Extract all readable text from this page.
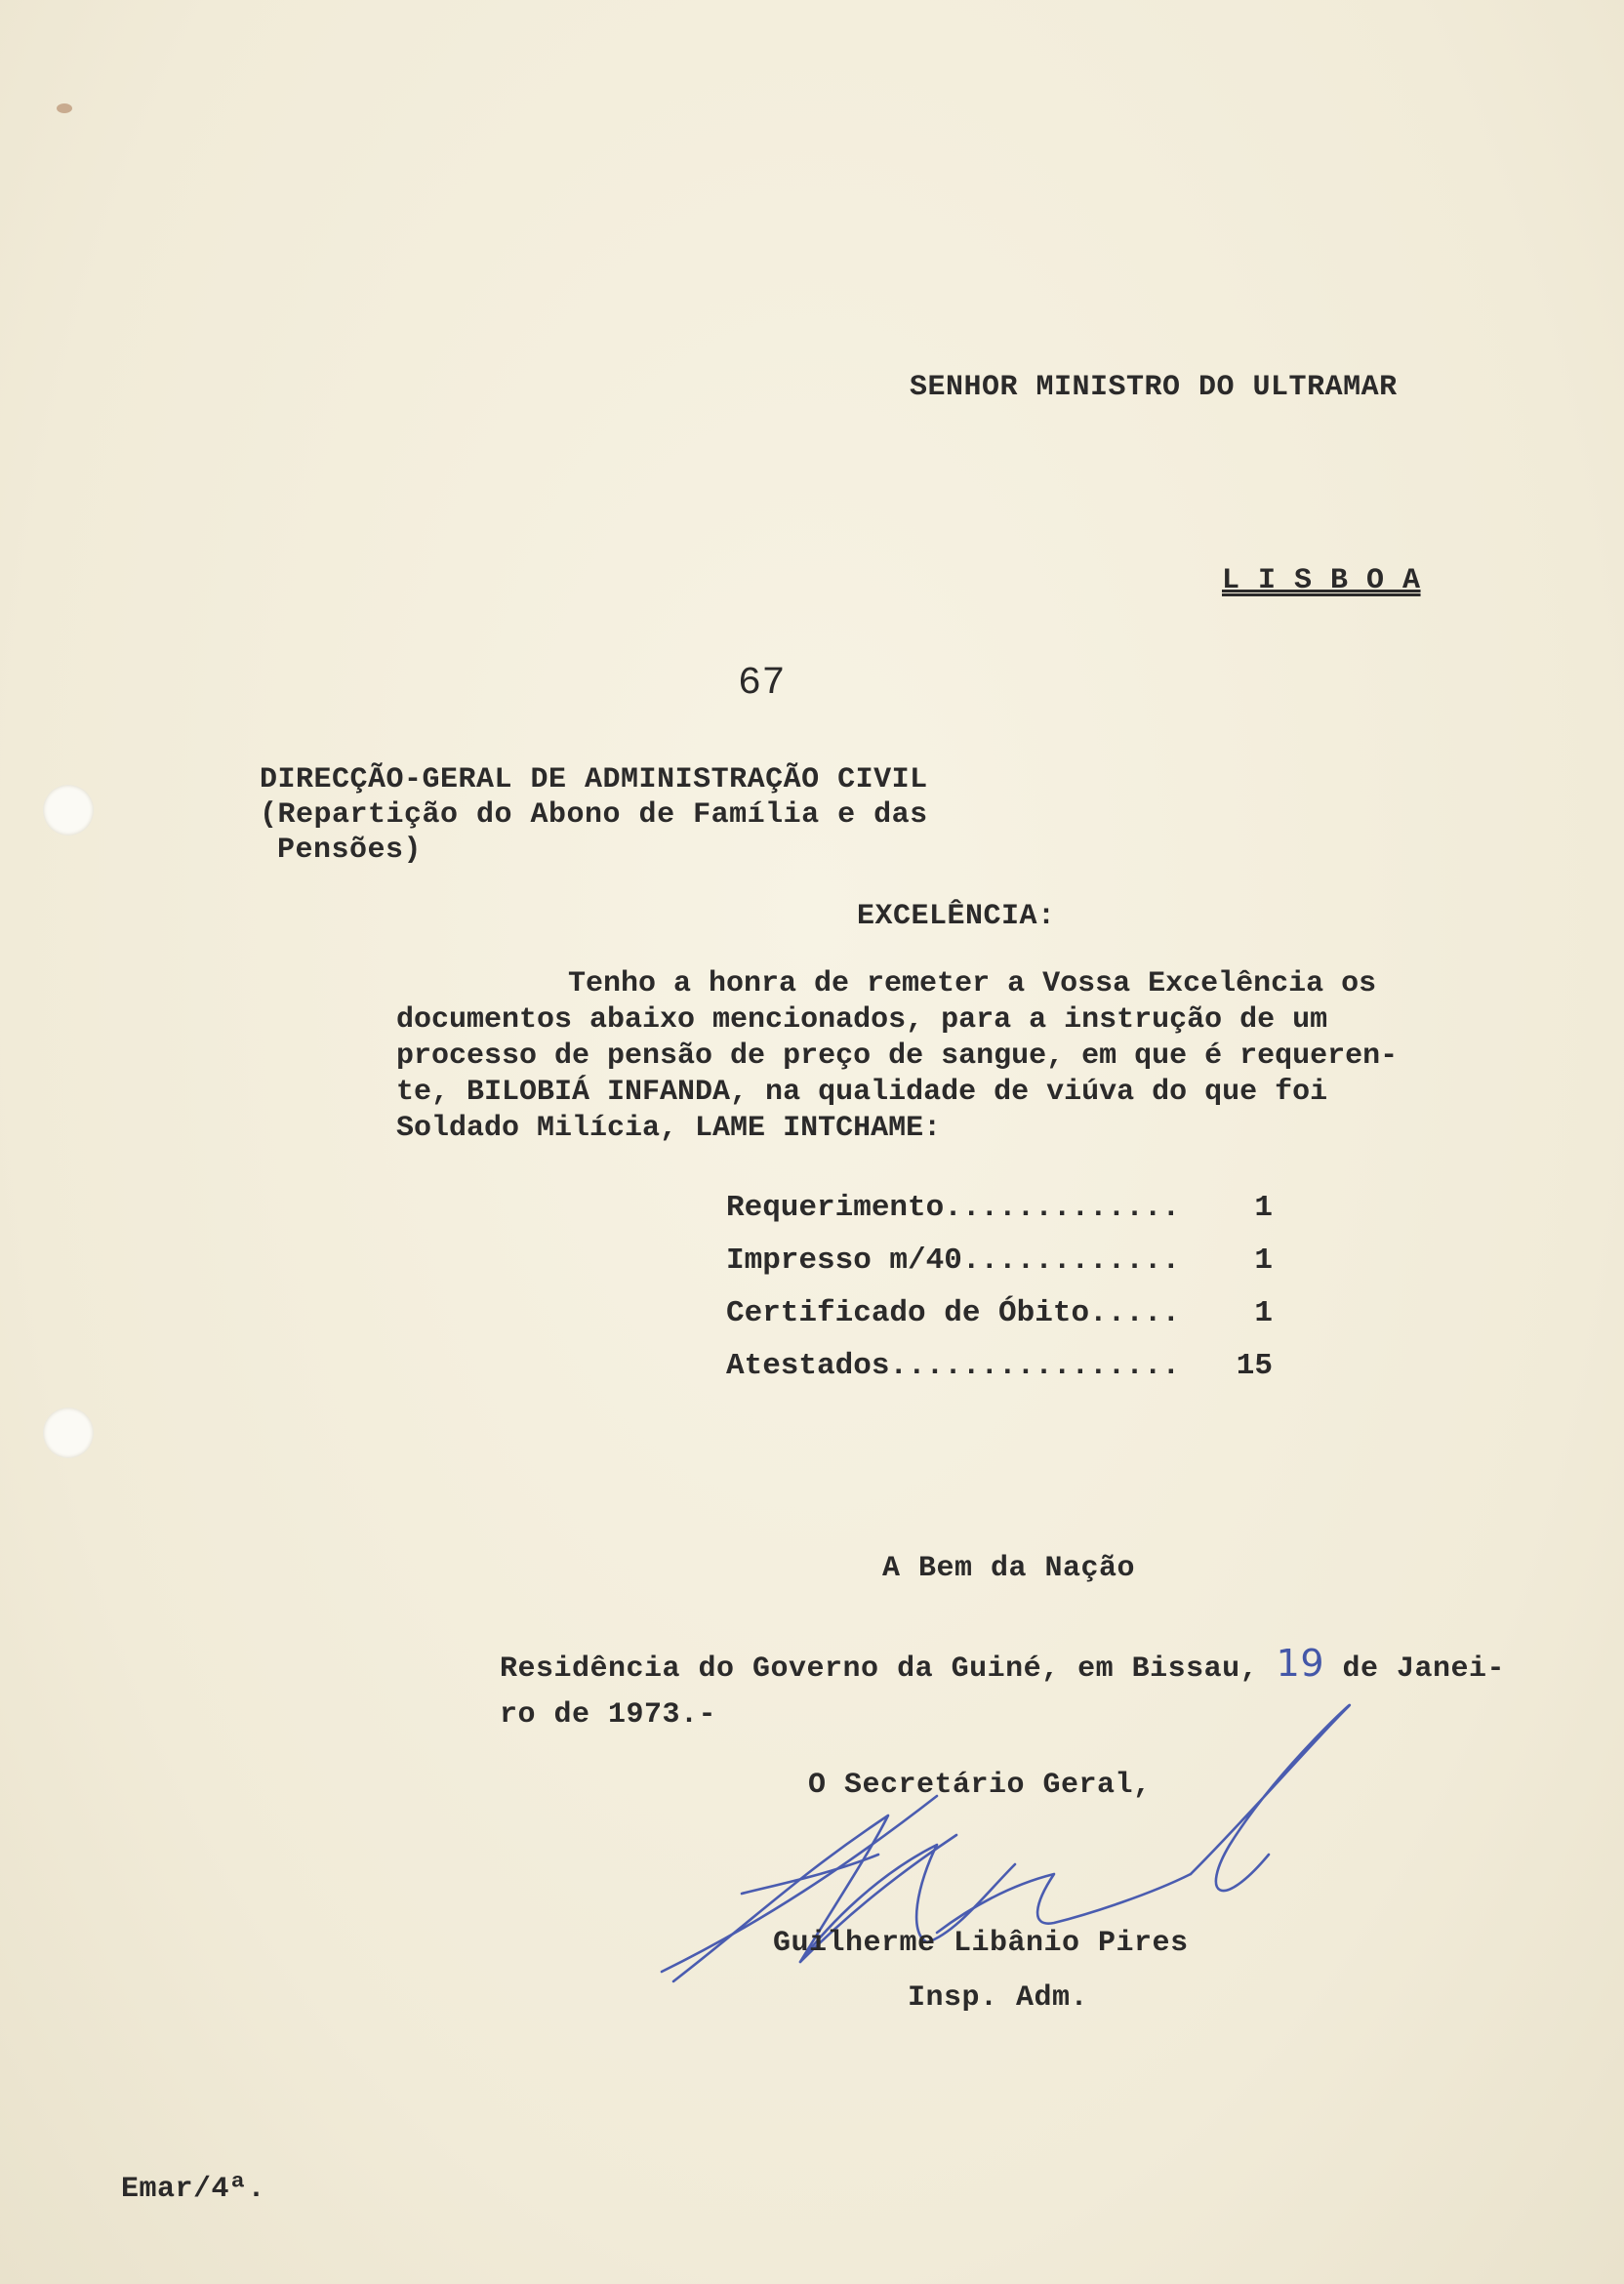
SENHOR MINISTRO DO ULTRAMAR
L I S B O A
67
DIRECÇÃO-GERAL DE ADMINISTRAÇÃO CIVIL
(Repartição do Abono de Família e das
Pensões)
EXCELÊNCIA:
Tenho a honra de remeter a Vossa Excelência os
documentos abaixo mencionados, para a instrução de um
processo de pensão de preço de sangue, em que é requeren-
te, BILOBIÁ INFANDA, na qualidade de viúva do que foi
Soldado Milícia, LAME INTCHAME:
Requerimento............. 1
Impresso m/40............ 1
Certificado de Óbito..... 1
Atestados................ 15
A Bem da Nação
Residência do Governo da Guiné, em Bissau, 19 de Janei-
ro de 1973.-
O Secretário Geral,
Guilherme Libânio Pires
Insp. Adm.
Emar/4ª.
